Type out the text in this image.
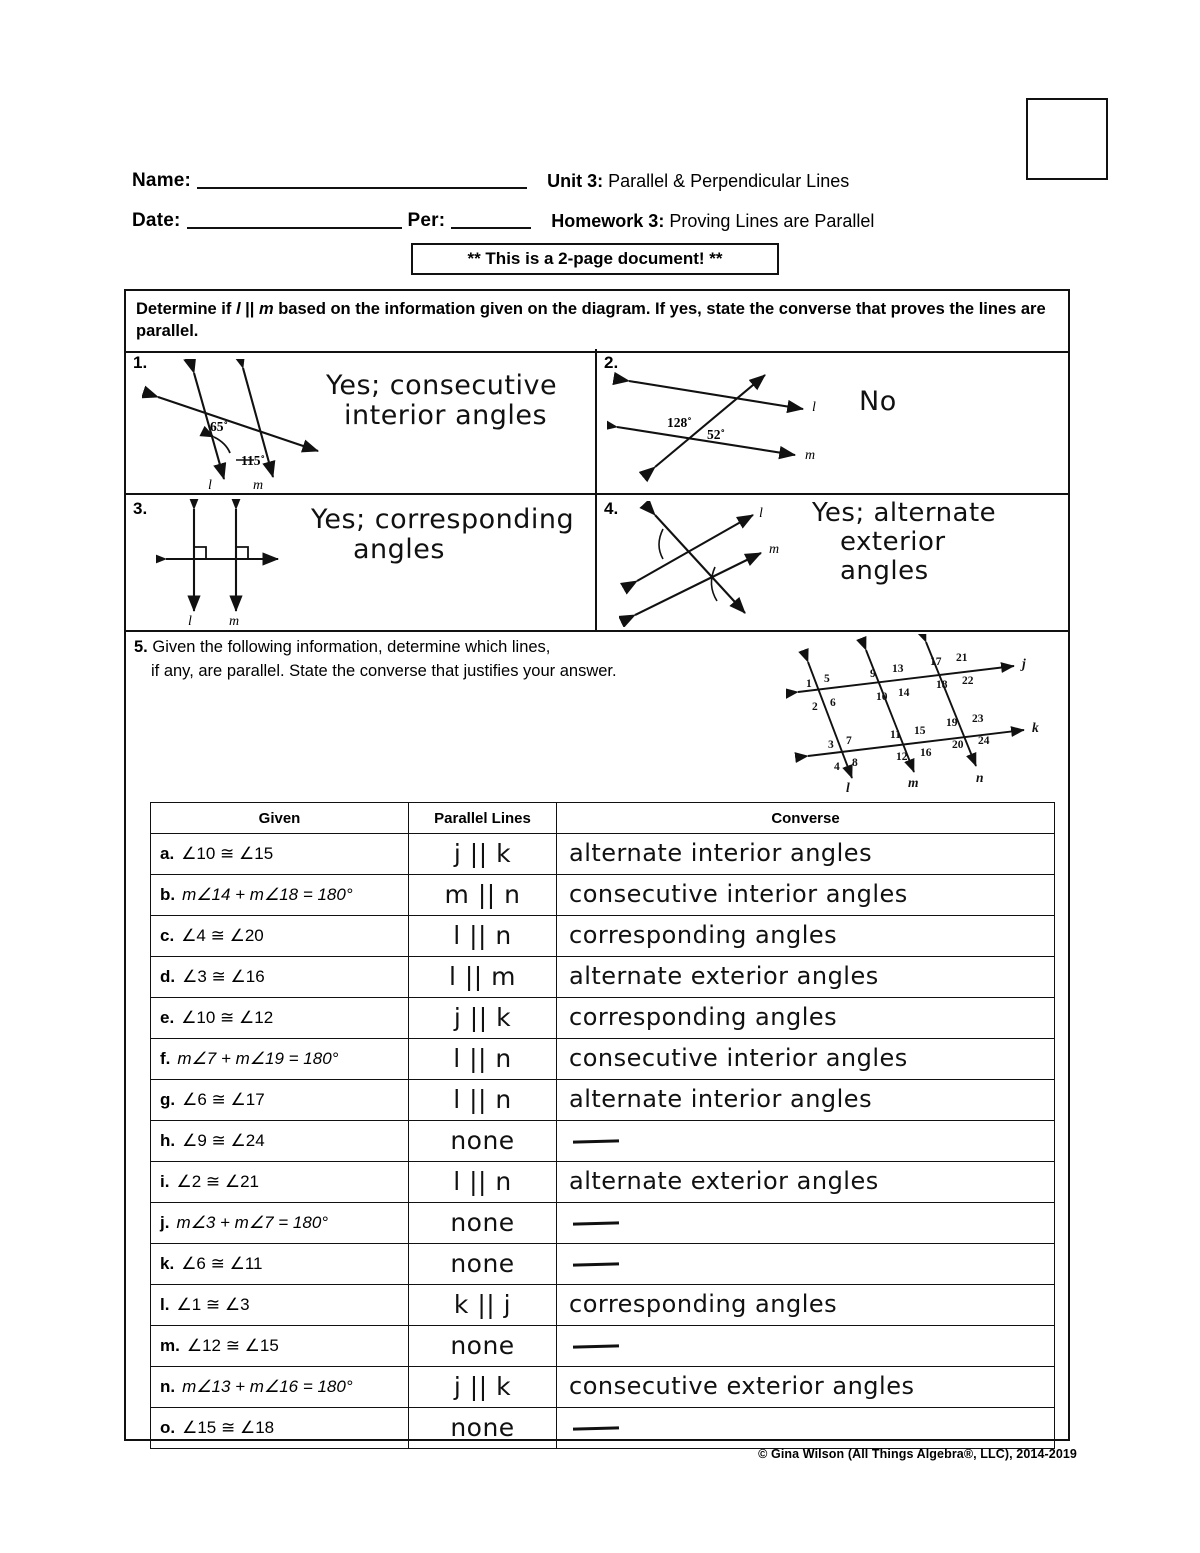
Name:	Unit 3: Parallel & Perpendicular Lines
Date:	Per:	Homework 3: Proving Lines are Parallel
** This is a 2-page document! **
Determine if l || m based on the information given on the diagram. If yes, state the converse that proves the lines are parallel.
1.
65˚
115˚
l	m
Yes; consecutive
interior angles
2.
128˚
52˚
l
m
No
3.
l	m
Yes; corresponding
angles
4.	l
m
Yes; alternate
exterior
angles
5. Given the following information, determine which lines,
if any, are parallel. State the converse that justifies your answer.
1 5
2 6
3 7
4 8
9 13
10 14
11 15
12 16
17 21
18 22
19 23
20 24
j
k
l	m	n
Given	Parallel Lines	Converse
a. ∠10 ≅ ∠15	j || k	alternate interior angles
b. m∠14 + m∠18 = 180°	m || n	consecutive interior angles
c. ∠4 ≅ ∠20	l || n	corresponding angles
d. ∠3 ≅ ∠16	l || m	alternate exterior angles
e. ∠10 ≅ ∠12	j || k	corresponding angles
f. m∠7 + m∠19 = 180°	l || n	consecutive interior angles
g. ∠6 ≅ ∠17	l || n	alternate interior angles
h. ∠9 ≅ ∠24	none	
i. ∠2 ≅ ∠21	l || n	alternate exterior angles
j. m∠3 + m∠7 = 180°	none	
k. ∠6 ≅ ∠11	none	
l. ∠1 ≅ ∠3	k || j	corresponding angles
m. ∠12 ≅ ∠15	none	
n. m∠13 + m∠16 = 180°	j || k	consecutive exterior angles
o. ∠15 ≅ ∠18	none	
© Gina Wilson (All Things Algebra®, LLC), 2014-2019
